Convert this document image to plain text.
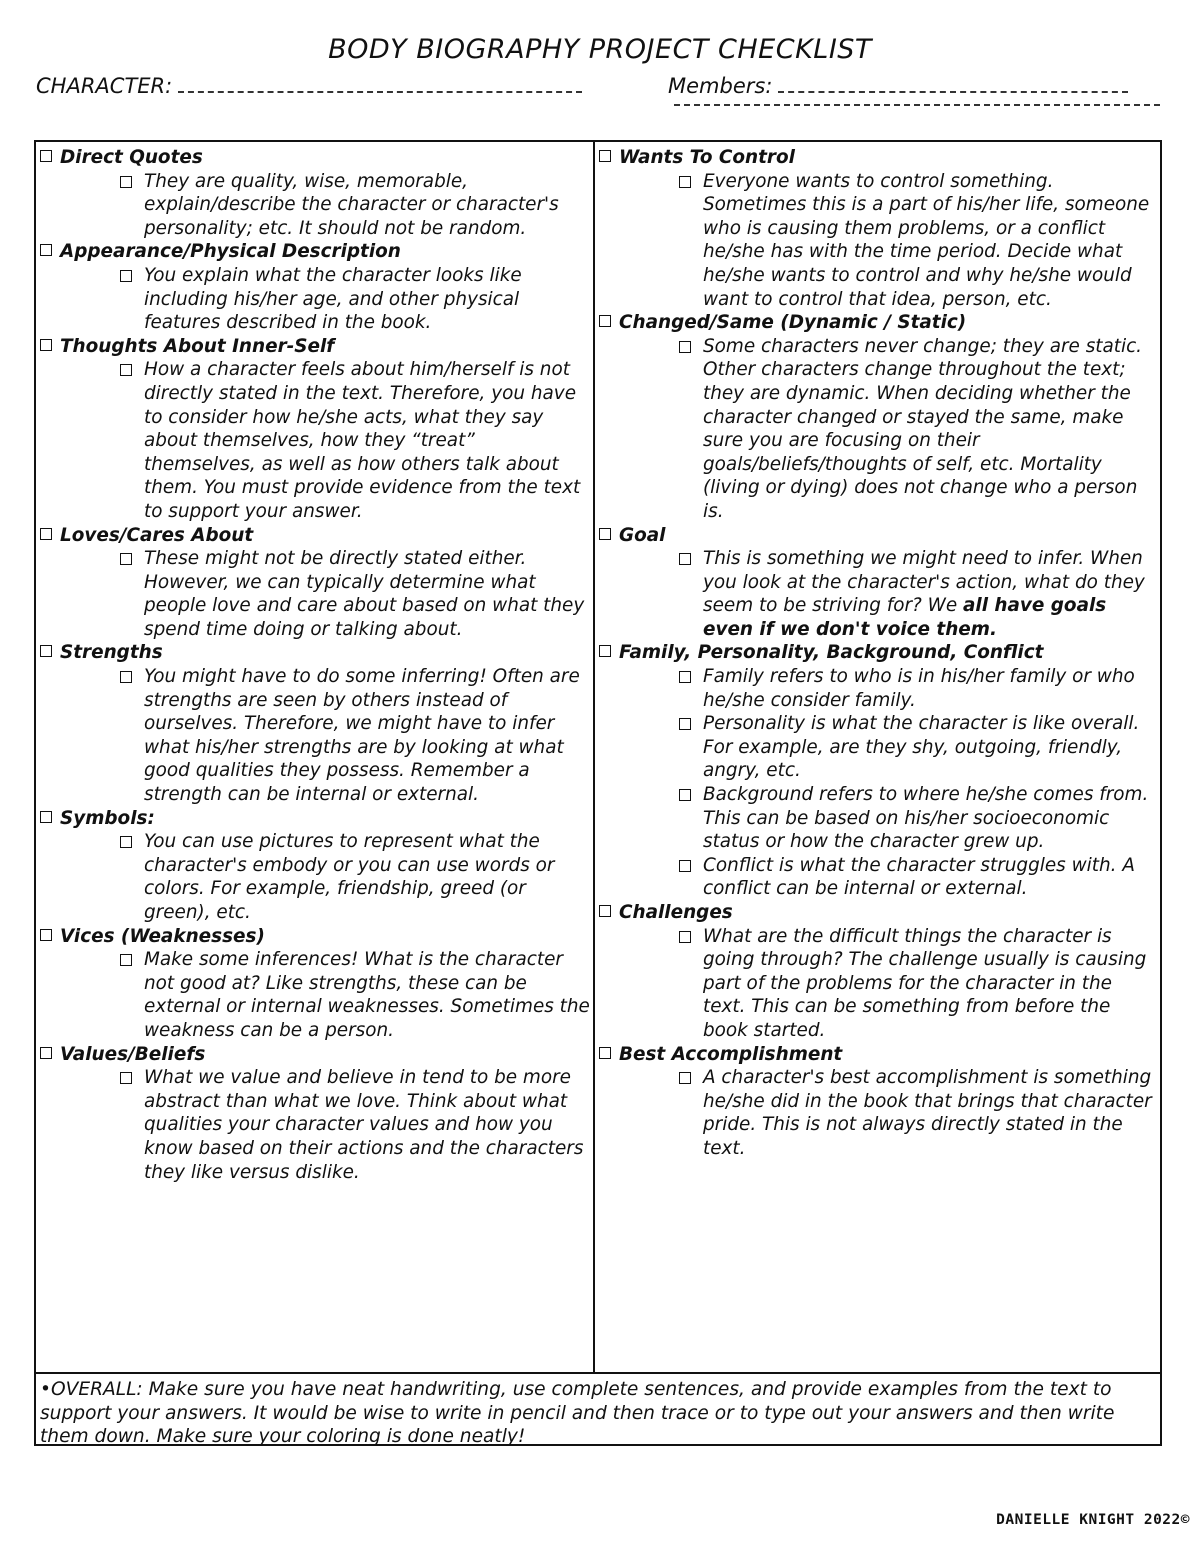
BODY BIOGRAPHY PROJECT CHECKLIST
CHARACTER:	Members:
Direct Quotes
They are quality, wise, memorable, explain/describe the character or character's personality; etc. It should not be random.
Appearance/Physical Description
You explain what the character looks like including his/her age, and other physical features described in the book.
Thoughts About Inner-Self
How a character feels about him/herself is not directly stated in the text. Therefore, you have to consider how he/she acts, what they say about themselves, how they “treat” themselves, as well as how others talk about them. You must provide evidence from the text to support your answer.
Loves/Cares About
These might not be directly stated either. However, we can typically determine what people love and care about based on what they spend time doing or talking about.
Strengths
You might have to do some inferring! Often are strengths are seen by others instead of ourselves. Therefore, we might have to infer what his/her strengths are by looking at what good qualities they possess. Remember a strength can be internal or external.
Symbols:
You can use pictures to represent what the character's embody or you can use words or colors. For example, friendship, greed (or green), etc.
Vices (Weaknesses)
Make some inferences! What is the character not good at? Like strengths, these can be external or internal weaknesses. Sometimes the weakness can be a person.
Values/Beliefs
What we value and believe in tend to be more abstract than what we love. Think about what qualities your character values and how you know based on their actions and the characters they like versus dislike.
Wants To Control
Everyone wants to control something. Sometimes this is a part of his/her life, someone who is causing them problems, or a conflict he/she has with the time period. Decide what he/she wants to control and why he/she would want to control that idea, person, etc.
Changed/Same (Dynamic / Static)
Some characters never change; they are static. Other characters change throughout the text; they are dynamic. When deciding whether the character changed or stayed the same, make sure you are focusing on their goals/beliefs/thoughts of self, etc. Mortality (living or dying) does not change who a person is.
Goal
This is something we might need to infer. When you look at the character's action, what do they seem to be striving for? We all have goals even if we don't voice them.
Family, Personality, Background, Conflict
Family refers to who is in his/her family or who he/she consider family.
Personality is what the character is like overall. For example, are they shy, outgoing, friendly, angry, etc.
Background refers to where he/she comes from. This can be based on his/her socioeconomic status or how the character grew up.
Conflict is what the character struggles with. A conflict can be internal or external.
Challenges
What are the difficult things the character is going through? The challenge usually is causing part of the problems for the character in the text. This can be something from before the book started.
Best Accomplishment
A character's best accomplishment is something he/she did in the book that brings that character pride. This is not always directly stated in the text.
•OVERALL: Make sure you have neat handwriting, use complete sentences, and provide examples from the text to support your answers. It would be wise to write in pencil and then trace or to type out your answers and then write them down. Make sure your coloring is done neatly!
DANIELLE KNIGHT 2022©
